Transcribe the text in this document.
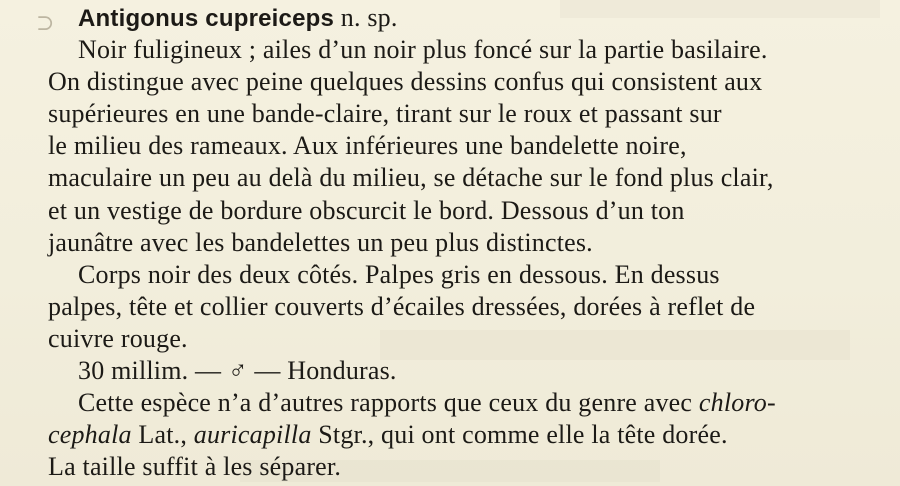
⊃ Antigonus cupreiceps n. sp.
Noir fuligineux ; ailes d’un noir plus foncé sur la partie basilaire.
On distingue avec peine quelques dessins confus qui consistent aux
supérieures en une bande-claire, tirant sur le roux et passant sur
le milieu des rameaux. Aux inférieures une bandelette noire,
maculaire un peu au delà du milieu, se détache sur le fond plus clair,
et un vestige de bordure obscurcit le bord. Dessous d’un ton
jaunâtre avec les bandelettes un peu plus distinctes.
Corps noir des deux côtés. Palpes gris en dessous. En dessus
palpes, tête et collier couverts d’écailes dressées, dorées à reflet de
cuivre rouge.
30 millim. — ♂ — Honduras.
Cette espèce n’a d’autres rapports que ceux du genre avec chloro-
cephala Lat., auricapilla Stgr., qui ont comme elle la tête dorée.
La taille suffit à les séparer.
